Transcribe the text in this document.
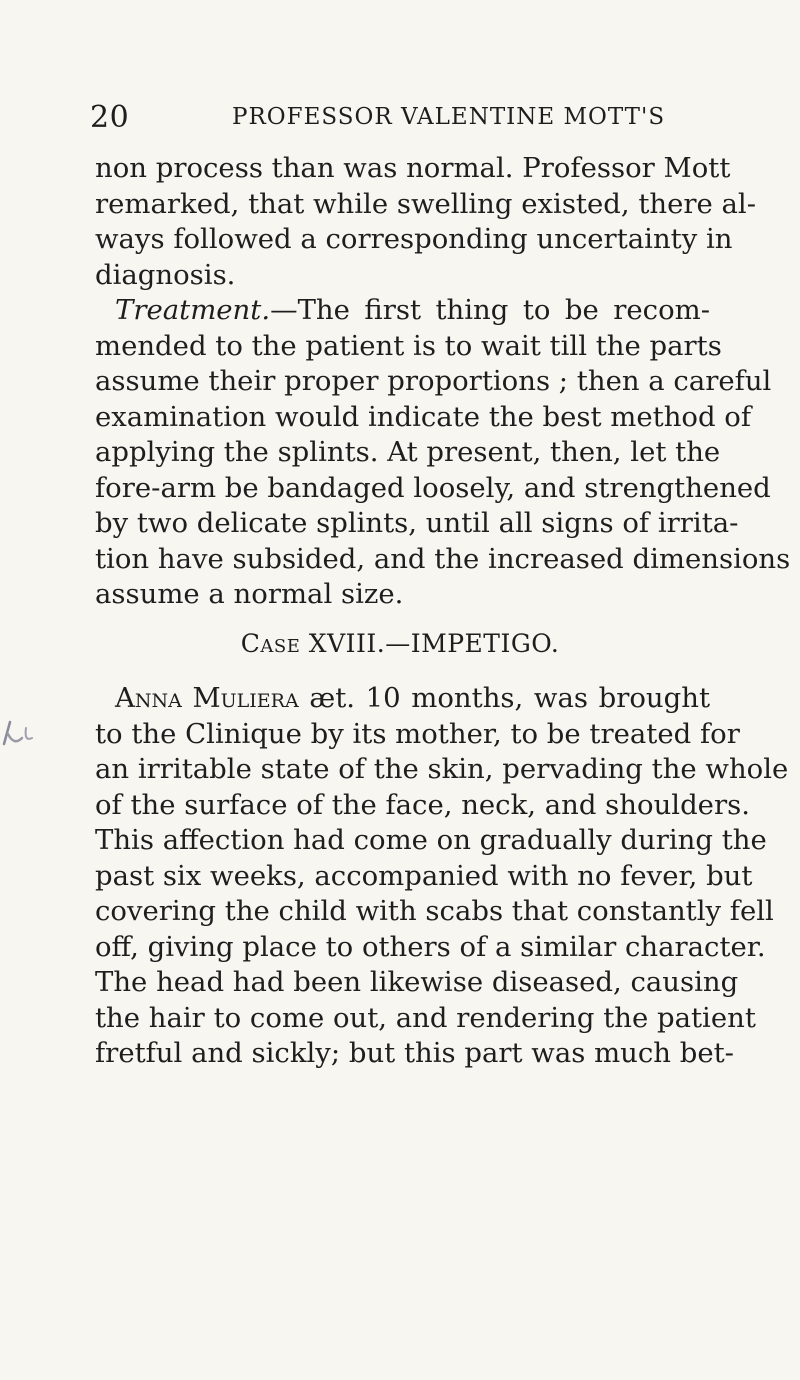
20	PROFESSOR VALENTINE MOTT'S
non process than was normal. Professor Mott
remarked, that while swelling existed, there al-
ways followed a corresponding uncertainty in
diagnosis.
Treatment.—The first thing to be recom-
mended to the patient is to wait till the parts
assume their proper proportions ; then a careful
examination would indicate the best method of
applying the splints. At present, then, let the
fore-arm be bandaged loosely, and strengthened
by two delicate splints, until all signs of irrita-
tion have subsided, and the increased dimensions
assume a normal size.
Case XVIII.—IMPETIGO.
Anna Muliera æt. 10 months, was brought
to the Clinique by its mother, to be treated for
an irritable state of the skin, pervading the whole
of the surface of the face, neck, and shoulders.
This affection had come on gradually during the
past six weeks, accompanied with no fever, but
covering the child with scabs that constantly fell
off, giving place to others of a similar character.
The head had been likewise diseased, causing
the hair to come out, and rendering the patient
fretful and sickly; but this part was much bet-
